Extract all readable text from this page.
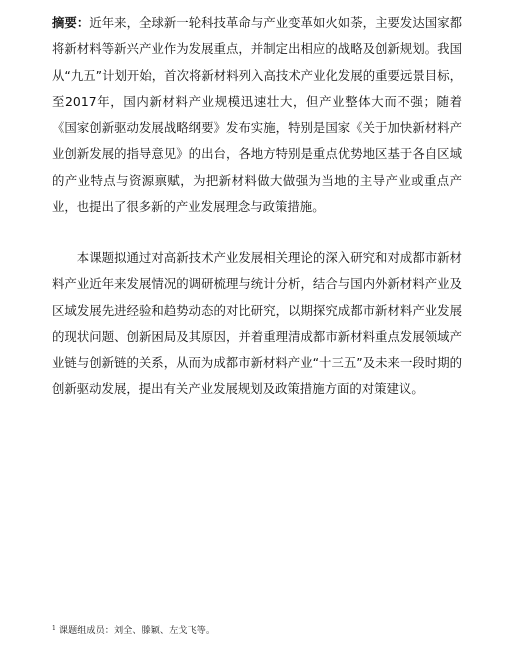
摘要：近年来，全球新一轮科技革命与产业变革如火如荼，主要发达国家都将新材料等新兴产业作为发展重点，并制定出相应的战略及创新规划。我国从“九五”计划开始，首次将新材料列入高技术产业化发展的重要远景目标，至2017年，国内新材料产业规模迅速壮大，但产业整体大而不强；随着《国家创新驱动发展战略纲要》发布实施，特别是国家《关于加快新材料产业创新发展的指导意见》的出台，各地方特别是重点优势地区基于各自区域的产业特点与资源禀赋，为把新材料做大做强为当地的主导产业或重点产业，也提出了很多新的产业发展理念与政策措施。

本课题拟通过对高新技术产业发展相关理论的深入研究和对成都市新材料产业近年来发展情况的调研梳理与统计分析，结合与国内外新材料产业及区域发展先进经验和趋势动态的对比研究，以期探究成都市新材料产业发展的现状问题、创新困局及其原因，并着重理清成都市新材料重点发展领域产业链与创新链的关系，从而为成都市新材料产业“十三五”及未来一段时期的创新驱动发展，提出有关产业发展规划及政策措施方面的对策建议。

$^1$ 课题组成员：刘全、滕颖、左戈飞等。
